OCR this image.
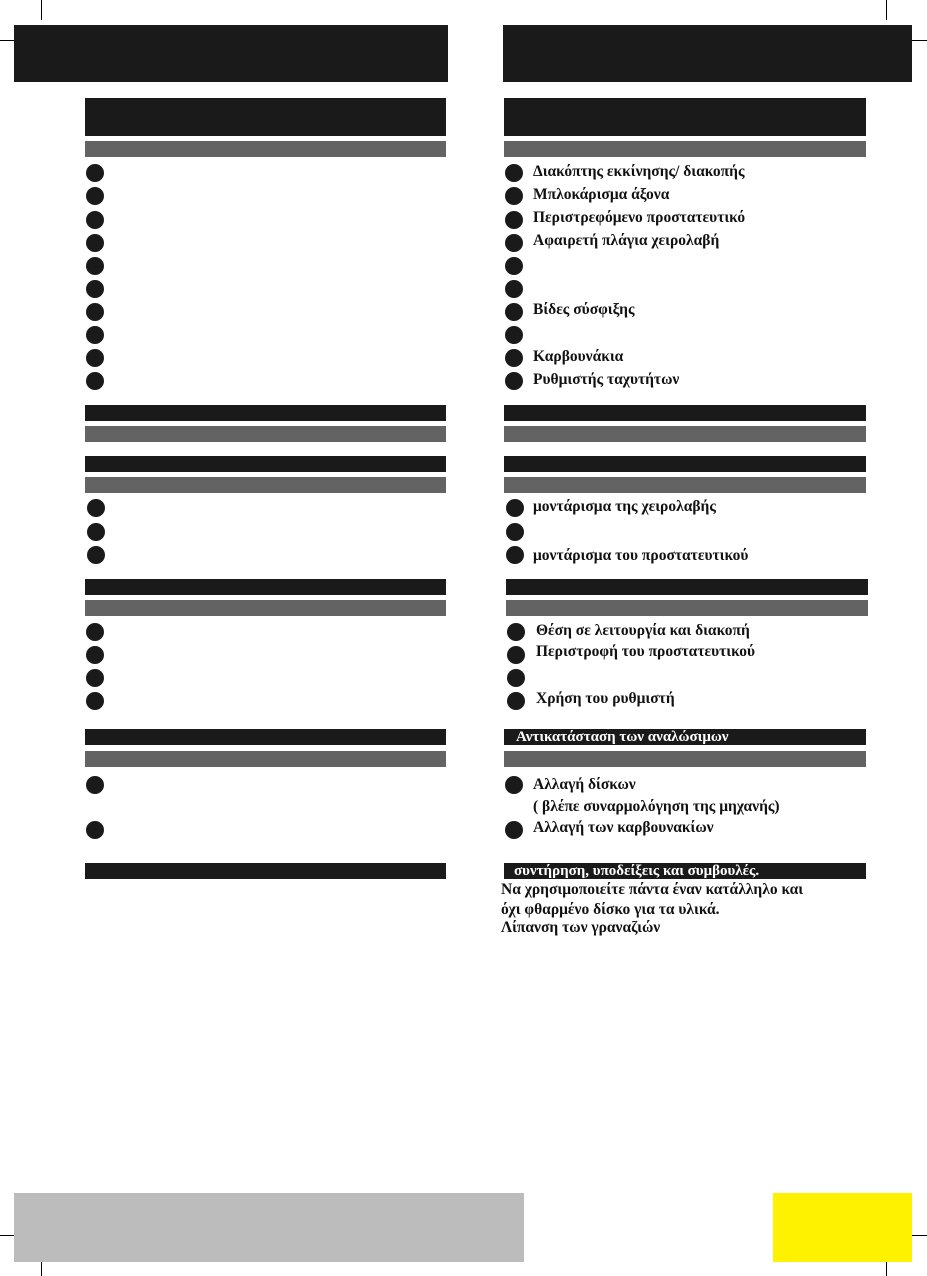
Διακόπτης εκκίνησης/ διακοπής
Μπλοκάρισμα άξονα
Περιστρεφόμενο προστατευτικό
Αφαιρετή πλάγια χειρολαβή
Βίδες σύσφιξης
Καρβουνάκια
Ρυθμιστής ταχυτήτων
μοντάρισμα της χειρολαβής
μοντάρισμα του προστατευτικού
Θέση σε λειτουργία και διακοπή
Περιστροφή του προστατευτικού
Χρήση του ρυθμιστή
Αντικατάσταση των αναλώσιμων
Αλλαγή δίσκων
( βλέπε συναρμολόγηση της μηχανής)
Αλλαγή των καρβουνακίων
συντήρηση, υποδείξεις και συμβουλές.
Να χρησιμοποιείτε πάντα έναν κατάλληλο και
όχι φθαρμένο δίσκο για τα υλικά.
Λίπανση των γραναζιών
